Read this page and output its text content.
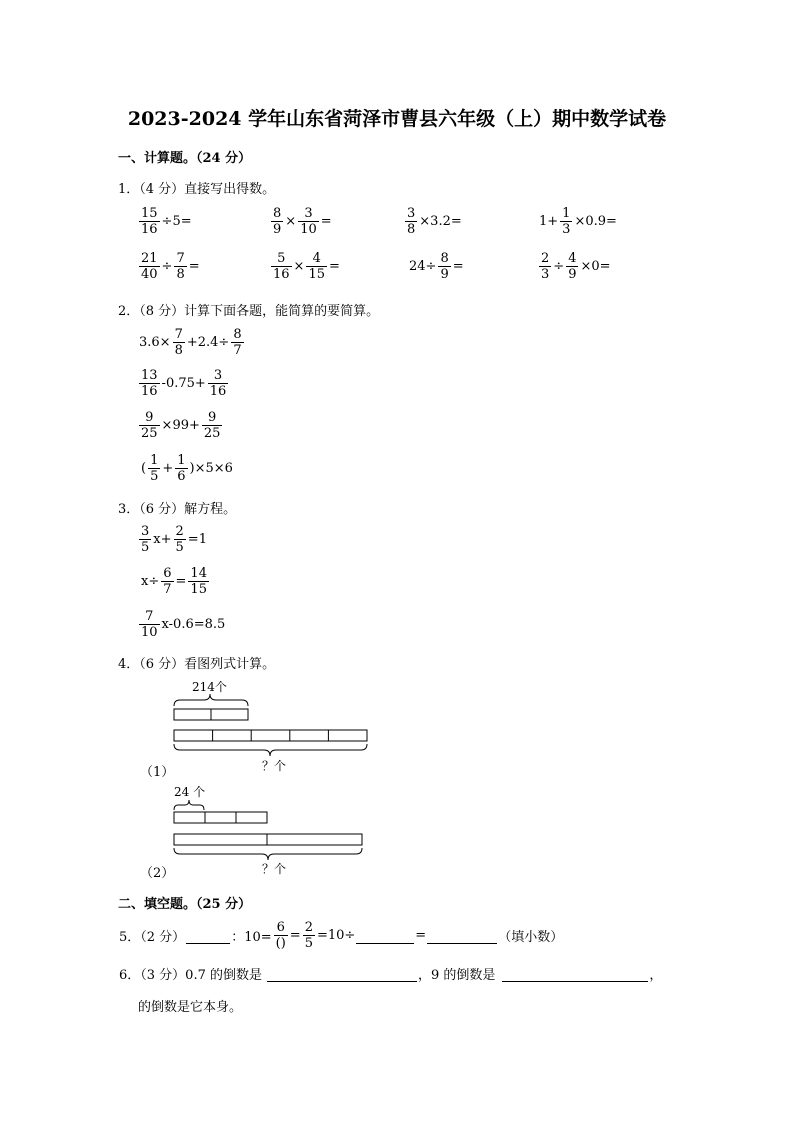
2023-2024 学年山东省菏泽市曹县六年级（上）期中数学试卷
一、计算题。（24 分）
1．（4 分）直接写出得数。
$\frac{15}{16} \div 5=$	$\frac{8}{9} \times \frac{3}{10}$ =	$\frac{3}{8} \times 3.2=$	$1+ \frac{1}{3} \times 0.9=$
$\frac{21}{40} \div \frac{7}{8}$ =	$\frac{5}{16} \times \frac{4}{15}$ =	$24\div \frac{8}{9}$ =	$\frac{2}{3} \div \frac{4}{9} \times 0=$
2．（8 分）计算下面各题，能简算的要简算。
$3.6\times \frac{7}{8} +2.4\div \frac{8}{7}$
$\frac{13}{16} -0.75+ \frac{3}{16}$
$\frac{9}{25} \times 99+ \frac{9}{25}$
( $\frac{1}{5} + \frac{1}{6} )\times 5\times 6$
3．（6 分）解方程。
$\frac{3}{5} x+ \frac{2}{5} =1$
$x\div \frac{6}{7} = \frac{14}{15}$
$\frac{7}{10} x-0.6=8.5$
4．（6 分）看图列式计算。
214个
？个
（1）
24 个
？个
（2）
二、填空题。（25 分）
5．（2 分）	：$10= \frac{6}{()} = \frac{2}{5} =10\div$	=	（填小数）
6．（3 分）0.7 的倒数是	，9 的倒数是	，
的倒数是它本身。
